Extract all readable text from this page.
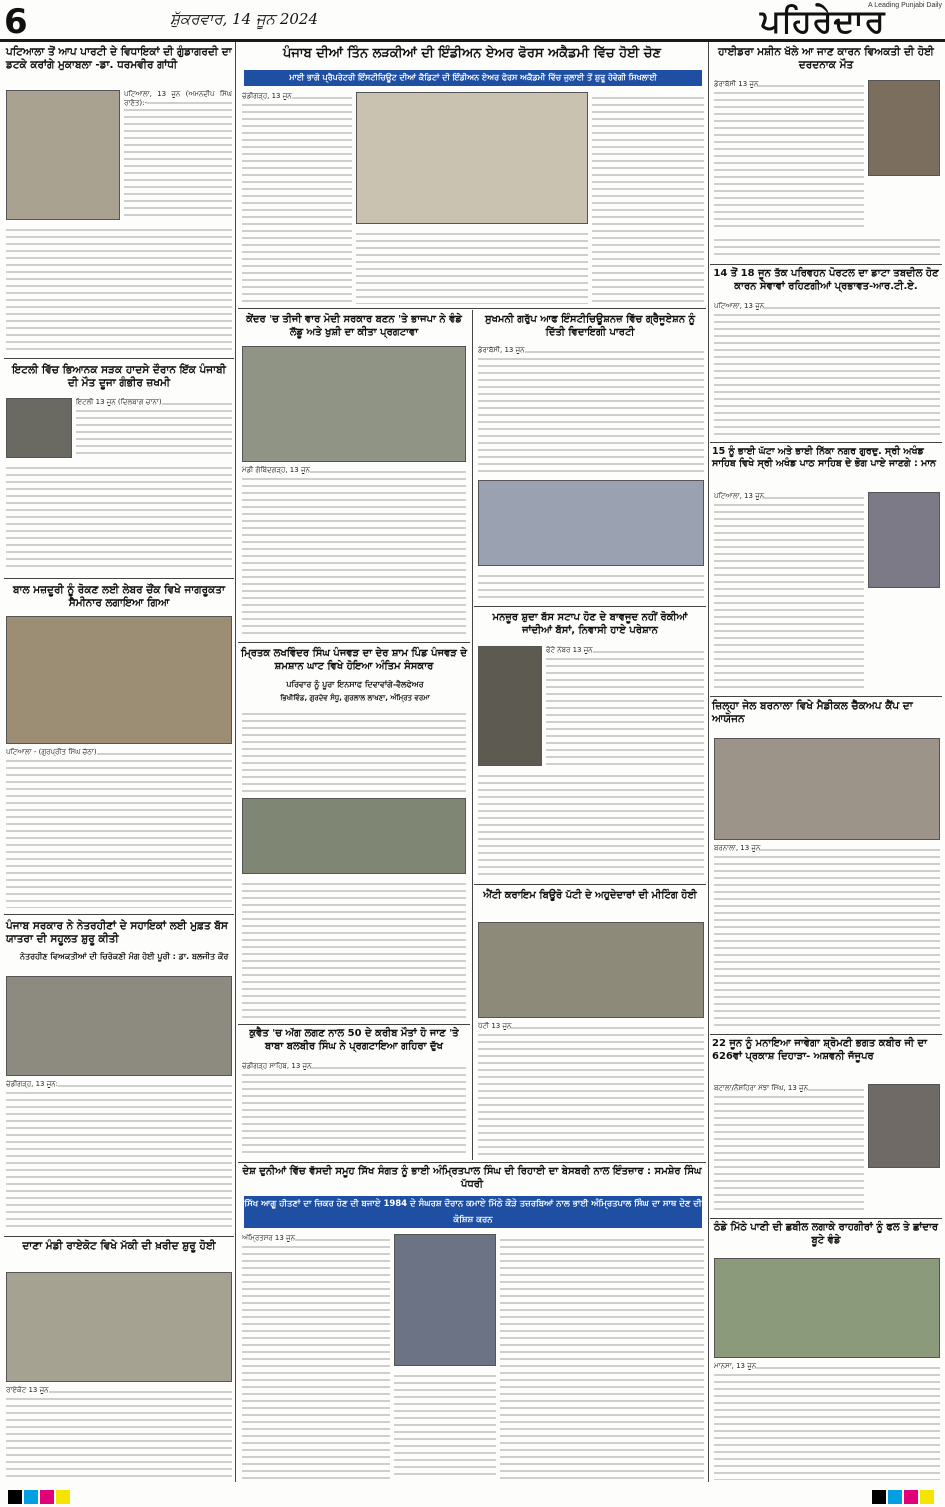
6	ਸ਼ੁੱਕਰਵਾਰ, 14 ਜੂਨ 2024	ਪਹਿਰੇਦਾਰ
A Leading Punjabi Daily
ਪਟਿਆਲਾ ਤੋਂ ਆਪ ਪਾਰਟੀ ਦੇ ਵਿਧਾਇਕਾਂ ਦੀ ਗੁੰਡਾਗਰਦੀ ਦਾ ਡਟਕੇ ਕਰਾਂਗੇ ਮੁਕਾਬਲਾ -ਡਾ. ਧਰਮਵੀਰ ਗਾਂਧੀ
ਪਟਿਆਲਾ, 13 ਜੂਨ (ਅਮਨਦੀਪ ਸਿੰਘ ਰਾਣੋਤ):-
ਇਟਲੀ ਵਿੱਚ ਭਿਆਨਕ ਸੜਕ ਹਾਦਸੇ ਦੌਰਾਨ ਇੱਕ ਪੰਜਾਬੀ ਦੀ ਮੌਤ ਦੂਜਾ ਗੰਭੀਰ ਜ਼ਖਮੀ
ਇਟਲੀ 13 ਜੂਨ (ਦਿਲਬਾਗ ਚਾਨਾ)
ਬਾਲ ਮਜ਼ਦੂਰੀ ਨੂੰ ਰੋਕਣ ਲਈ ਲੇਬਰ ਚੌਂਕ ਵਿਖੇ ਜਾਗਰੂਕਤਾ ਸੈਮੀਨਾਰ ਲਗਾਇਆ ਗਿਆ
ਪਟਿਆਲਾ - (ਗੁਰਪ੍ਰੀਤ ਸਿੰਘ ਚੱਠਾ)
ਪੰਜਾਬ ਸਰਕਾਰ ਨੇ ਨੇਤਰਹੀਣਾਂ ਦੇ ਸਹਾਇਕਾਂ ਲਈ ਮੁਫ਼ਤ ਬੱਸ ਯਾਤਰਾ ਦੀ ਸਹੂਲਤ ਸ਼ੁਰੂ ਕੀਤੀ
ਨੇਤਰਹੀਣ ਵਿਅਕਤੀਆਂ ਦੀ ਚਿਰੋਕਣੀ ਮੰਗ ਹੋਈ ਪੂਰੀ : ਡਾ. ਬਲਜੀਤ ਕੌਰ
ਚੰਡੀਗੜ੍ਹ, 13 ਜੂਨ:
ਦਾਣਾ ਮੰਡੀ ਰਾਏਕੋਟ ਵਿਖੇ ਮੱਕੀ ਦੀ ਖ਼ਰੀਦ ਸ਼ੁਰੂ ਹੋਈ
ਰਾਏਕੋਟ 13 ਜੂਨ
ਪੰਜਾਬ ਦੀਆਂ ਤਿੰਨ ਲੜਕੀਆਂ ਦੀ ਇੰਡੀਅਨ ਏਅਰ ਫੋਰਸ ਅਕੈਡਮੀ ਵਿੱਚ ਹੋਈ ਚੋਣ
ਮਾਈ ਭਾਗੋ ਪ੍ਰੈਪਰੇਟਰੀ ਇੰਸਟੀਚਿਊਟ ਦੀਆਂ ਕੈਡਿਟਾਂ ਦੀ ਇੰਡੀਅਨ ਏਅਰ ਫੋਰਸ ਅਕੈਡਮੀ ਵਿੱਚ ਜੁਲਾਈ ਤੋਂ ਸ਼ੁਰੂ ਹੋਵੇਗੀ ਸਿਖਲਾਈ
ਚੰਡੀਗੜ੍ਹ, 13 ਜੂਨ
ਕੇਂਦਰ 'ਚ ਤੀਜੀ ਵਾਰ ਮੋਦੀ ਸਰਕਾਰ ਬਣਨ 'ਤੇ ਭਾਜਪਾ ਨੇ ਵੰਡੇ ਲੱਡੂ ਅਤੇ ਖੁਸ਼ੀ ਦਾ ਕੀਤਾ ਪ੍ਰਗਟਾਵਾ
ਮੰਡੀ ਗੋਬਿੰਦਗੜ੍ਹ, 13 ਜੂਨ
ਮ੍ਰਿਤਕ ਲਖਵਿੰਦਰ ਸਿੰਘ ਪੰਜਵੜ ਦਾ ਦੇਰ ਸ਼ਾਮ ਪਿੰਡ ਪੰਜਵੜ ਦੇ ਸ਼ਮਸ਼ਾਨ ਘਾਟ ਵਿਖੇ ਹੋਇਆ ਅੰਤਿਮ ਸੰਸਕਾਰ
ਪਰਿਵਾਰ ਨੂੰ ਪੂਰਾ ਇਨਸਾਫ ਦਿਵਾਵਾਂਗੇ-ਵੈਲਫੇਅਰ
ਭਿਖੀਵਿੰਡ, ਗੁਰਦੇਵ ਸੰਧੂ, ਗੁਰਲਾਲ ਲਾਖਣਾ, ਅੰਮ੍ਰਿਤ ਵਰਮਾ
ਕੁਵੈਤ 'ਚ ਅੱਗ ਲਗਣ ਨਾਲ 50 ਦੇ ਕਰੀਬ ਮੌਤਾਂ ਹੋ ਜਾਣ 'ਤੇ ਬਾਬਾ ਬਲਬੀਰ ਸਿੰਘ ਨੇ ਪ੍ਰਗਟਾਇਆ ਗਹਿਰਾ ਦੁੱਖ
ਚੰਡੀਗੜ੍ਹ ਸਾਹਿਬ, 13 ਜੂਨ
ਸੁਖਮਨੀ ਗਰੁੱਪ ਆਫ ਇੰਸਟੀਚਿਊਸ਼ਨਜ਼ ਵਿੱਚ ਗ੍ਰੈਜੂਏਸ਼ਨ ਨੂੰ ਦਿੱਤੀ ਵਿਦਾਇਗੀ ਪਾਰਟੀ
ਡੇਰਾਬੱਸੀ, 13 ਜੂਨ
ਮਨਜ਼ੂਰ ਸ਼ੁਦਾ ਬੱਸ ਸਟਾਪ ਹੋਣ ਦੇ ਬਾਵਜੂਦ ਨਹੀਂ ਰੋਕੀਆਂ ਜਾਂਦੀਆਂ ਬੱਸਾਂ, ਨਿਵਾਸੀ ਹਾਏ ਪਰੇਸ਼ਾਨ
ਫੋਟੋ ਨੰਬਰ 13 ਜੂਨ
ਐਂਟੀ ਕਰਾਇਮ ਬਿਊਰੋ ਪੱਟੀ ਦੇ ਅਹੁਦੇਦਾਰਾਂ ਦੀ ਮੀਟਿੰਗ ਹੋਈ
ਪੱਟੀ 13 ਜੂਨ
ਦੇਸ਼ ਦੁਨੀਆਂ ਵਿੱਚ ਵੱਸਦੀ ਸਮੂਹ ਸਿੱਖ ਸੰਗਤ ਨੂੰ ਭਾਈ ਅੰਮ੍ਰਿਤਪਾਲ ਸਿੰਘ ਦੀ ਰਿਹਾਈ ਦਾ ਬੇਸਬਰੀ ਨਾਲ ਇੰਤਜ਼ਾਰ : ਸਮਸ਼ੇਰ ਸਿੰਘ ਪੱਧਰੀ
ਸਿੱਖ ਆਗੂ ਹੀਤਣਾਂ ਦਾ ਜ਼ਿਕਰ ਹੋਣ ਦੀ ਬਜਾਏ 1984 ਦੇ ਸੰਘਰਸ਼ ਦੌਰਾਨ ਕਮਾਏ ਮਿੱਠੇ ਕੌੜੇ ਤਜ਼ਰਬਿਆਂ ਨਾਲ ਭਾਈ ਅੰਮ੍ਰਿਤਪਾਲ ਸਿੰਘ ਦਾ ਸਾਥ ਦੇਣ ਦੀ ਕੋਸ਼ਿਸ਼ ਕਰਨ
ਅੰਮ੍ਰਿਤਸਰ 13 ਜੂਨ
ਹਾਈਡਰਾ ਮਸ਼ੀਨ ਖੱਲੇ ਆ ਜਾਣ ਕਾਰਨ ਵਿਅਕਤੀ ਦੀ ਹੋਈ ਦਰਦਨਾਕ ਮੌਤ
ਡੇਰਾਬੱਸੀ 13 ਜੂਨ
14 ਤੋਂ 18 ਜੂਨ ਤੱਕ ਪਰਿਵਹਨ ਪੋਰਟਲ ਦਾ ਡਾਟਾ ਤਬਦੀਲ ਹੋਣ ਕਾਰਨ ਸੇਵਾਵਾਂ ਰਹਿਣਗੀਆਂ ਪ੍ਰਭਾਵਤ-ਆਰ.ਟੀ.ਏ.
ਪਟਿਆਲਾ, 13 ਜੂਨ
15 ਨੂੰ ਭਾਈ ਘੱਟਾ ਅਤੇ ਭਾਈ ਨਿੱਕਾ ਨਗਰ ਗੁਰਦੁ. ਸ੍ਰੀ ਅਖੰਡ ਸਾਹਿਬ ਵਿਖੇ ਸ੍ਰੀ ਅਖੰਡ ਪਾਠ ਸਾਹਿਬ ਦੇ ਭੋਗ ਪਾਏ ਜਾਣਗੇ : ਮਾਨ
ਪਟਿਆਲਾ, 13 ਜੂਨ
ਜ਼ਿਲ੍ਹਾ ਜੇਲ ਬਰਨਾਲਾ ਵਿਖੇ ਮੈਡੀਕਲ ਚੈੱਕਅਪ ਕੈਂਪ ਦਾ ਆਯੋਜਨ
ਬਰਨਾਲਾ, 13 ਜੂਨ
22 ਜੂਨ ਨੂੰ ਮਨਾਇਆ ਜਾਵੇਗਾ ਸ਼੍ਰੋਮਣੀ ਭਗਤ ਕਬੀਰ ਜੀ ਦਾ 626ਵਾਂ ਪ੍ਰਕਾਸ਼ ਦਿਹਾੜਾ- ਅਸ਼ਵਨੀ ਜੱਜੂਪਰ
ਬਟਾਲਾ/ਨੌਸ਼ਹਿਰਾ ਮੱਝਾ ਸਿੰਘ, 13 ਜੂਨ
ਠੰਡੇ ਮਿੱਠੇ ਪਾਣੀ ਦੀ ਛਬੀਲ ਲਗਾਕੇ ਰਾਹਗੀਰਾਂ ਨੂੰ ਫਲ ਤੇ ਛਾਂਦਾਰ ਬੂਟੇ ਵੰਡੇ
ਮਾਨਸਾ, 13 ਜੂਨ
